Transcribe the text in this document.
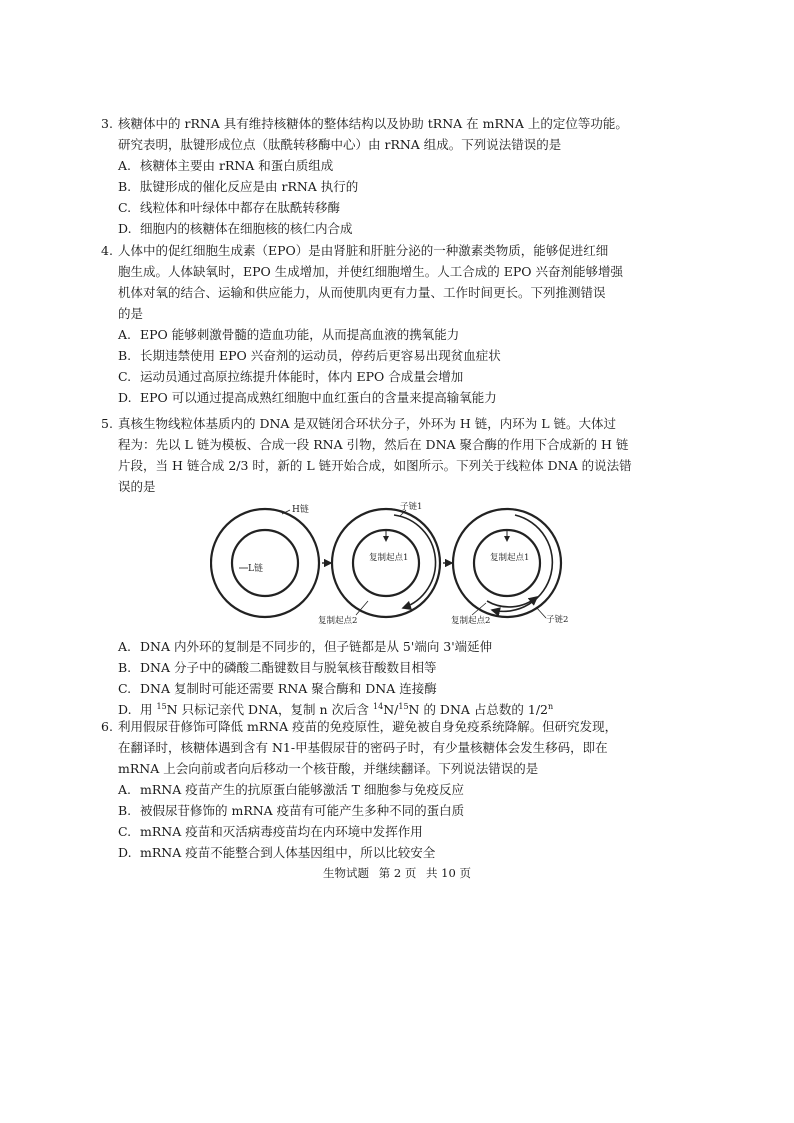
3. 核糖体中的 rRNA 具有维持核糖体的整体结构以及协助 tRNA 在 mRNA 上的定位等功能。

研究表明，肽键形成位点（肽酰转移酶中心）由 rRNA 组成。下列说法错误的是

A. 核糖体主要由 rRNA 和蛋白质组成
B. 肽键形成的催化反应是由 rRNA 执行的
C. 线粒体和叶绿体中都存在肽酰转移酶
D. 细胞内的核糖体在细胞核的核仁内合成
4. 人体中的促红细胞生成素（EPO）是由肾脏和肝脏分泌的一种激素类物质，能够促进红细

胞生成。人体缺氧时，EPO 生成增加，并使红细胞增生。人工合成的 EPO 兴奋剂能够增强

机体对氧的结合、运输和供应能力，从而使肌肉更有力量、工作时间更长。下列推测错误

的是

A. EPO 能够刺激骨髓的造血功能，从而提高血液的携氧能力
B. 长期违禁使用 EPO 兴奋剂的运动员，停药后更容易出现贫血症状
C. 运动员通过高原拉练提升体能时，体内 EPO 合成量会增加
D. EPO 可以通过提高成熟红细胞中血红蛋白的含量来提高输氧能力
5. 真核生物线粒体基质内的 DNA 是双链闭合环状分子，外环为 H 链，内环为 L 链。大体过

程为：先以 L 链为模板、合成一段 RNA 引物，然后在 DNA 聚合酶的作用下合成新的 H 链

片段，当 H 链合成 2/3 时，新的 L 链开始合成，如图所示。下列关于线粒体 DNA 的说法错

误的是

A. DNA 内外环的复制是不同步的，但子链都是从 5'端向 3'端延伸
B. DNA 分子中的磷酸二酯键数目与脱氧核苷酸数目相等
C. DNA 复制时可能还需要 RNA 聚合酶和 DNA 连接酶
D. 用 $^{15}$N 只标记亲代 DNA，复制 n 次后含 $^{14}$N/$^{15}$N 的 DNA 占总数的 1/2$^n$
H链
L链
复制起点1
子链1
复制起点2
复制起点1
复制起点2	子链2
6. 利用假尿苷修饰可降低 mRNA 疫苗的免疫原性，避免被自身免疫系统降解。但研究发现，

在翻译时，核糖体遇到含有 N1-甲基假尿苷的密码子时，有少量核糖体会发生移码，即在

mRNA 上会向前或者向后移动一个核苷酸，并继续翻译。下列说法错误的是

A. mRNA 疫苗产生的抗原蛋白能够激活 T 细胞参与免疫反应
B. 被假尿苷修饰的 mRNA 疫苗有可能产生多种不同的蛋白质
C. mRNA 疫苗和灭活病毒疫苗均在内环境中发挥作用
D. mRNA 疫苗不能整合到人体基因组中，所以比较安全
生物试题 第 2 页 共 10 页
